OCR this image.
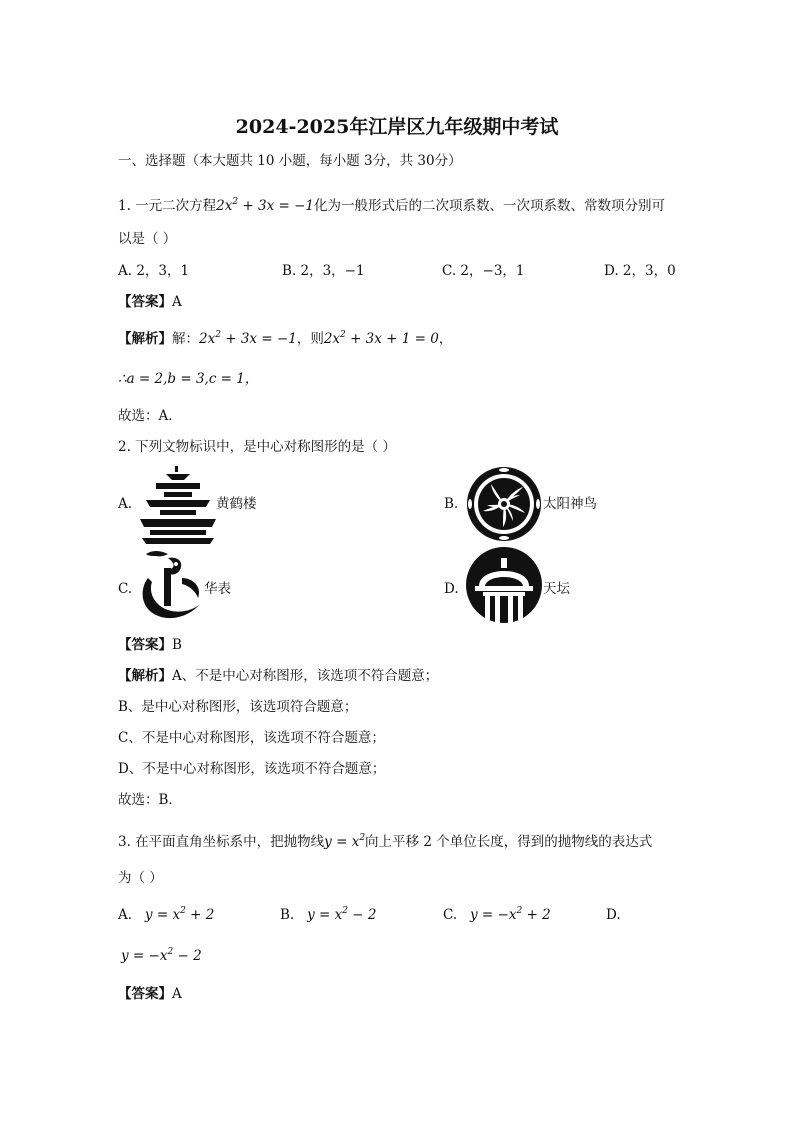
2024-2025年江岸区九年级期中考试
一、选择题（本大题共 10 小题，每小题 3分，共 30分）
1. 一元二次方程$2x^2 + 3x = -1$化为一般形式后的二次项系数、一次项系数、常数项分别可
以是（ ）
A. 2，3，1	B. 2，3，−1	C. 2，−3，1	D. 2，3，0
【答案】A
【解析】解：$2x^2 + 3x = -1$，则$2x^2 + 3x + 1 = 0$，
∴a = 2,b = 3,c = 1，
故选：A．
2. 下列文物标识中，是中心对称图形的是（ ）
A.	黄鹤楼	B.	太阳神鸟
C.	华表	D.	天坛
【答案】B
【解析】A、不是中心对称图形，该选项不符合题意；
B、是中心对称图形，该选项符合题意；
C、不是中心对称图形，该选项不符合题意；
D、不是中心对称图形，该选项不符合题意；
故选：B．
3. 在平面直角坐标系中，把抛物线$y = x^2$向上平移 2 个单位长度，得到的抛物线的表达式
为（ ）
A. $y = x^2 + 2$	B. $y = x^2 - 2$	C. $y = -x^2 + 2$	D.
$y = -x^2 - 2$
【答案】A
